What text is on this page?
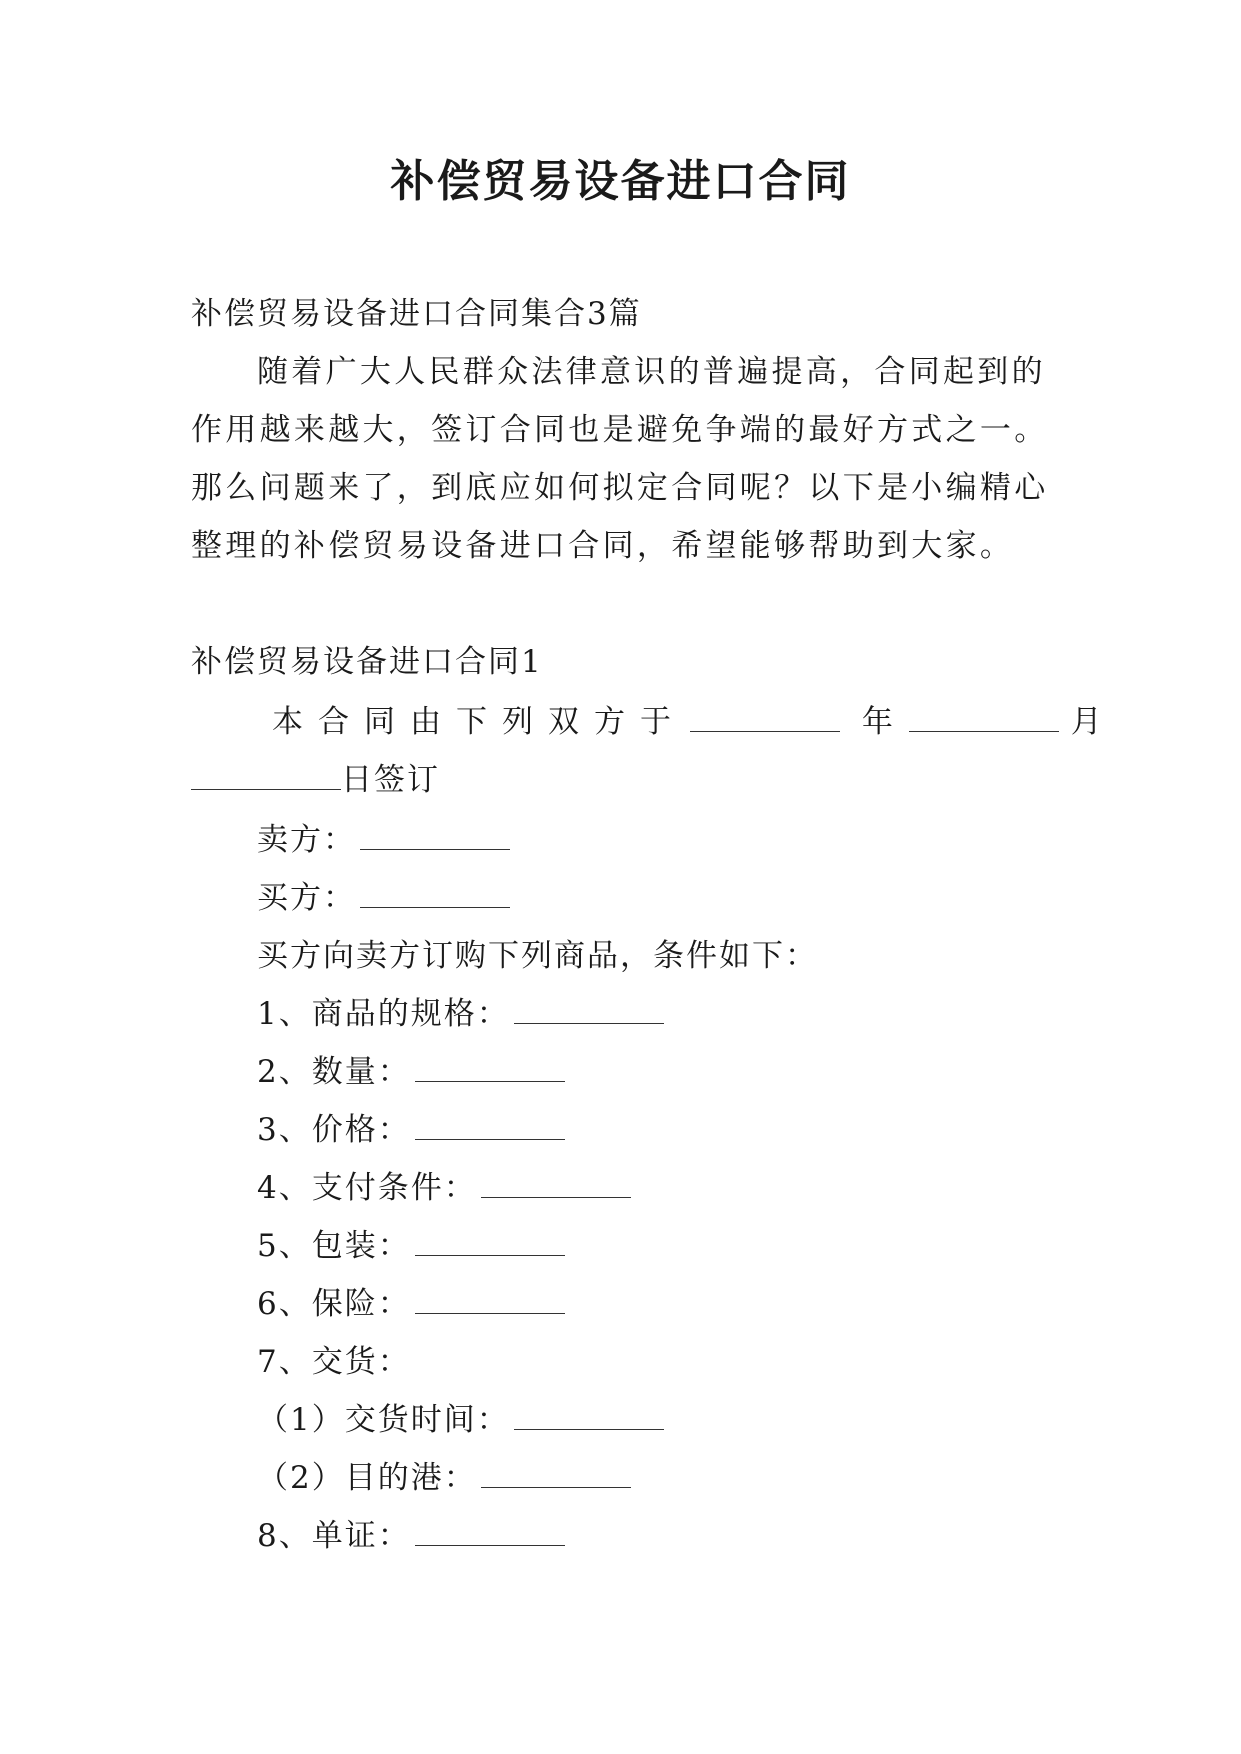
补偿贸易设备进口合同
补偿贸易设备进口合同集合3篇
随着广大人民群众法律意识的普遍提高，合同起到的作用越来越大，签订合同也是避免争端的最好方式之一。那么问题来了，到底应如何拟定合同呢？以下是小编精心整理的补偿贸易设备进口合同，希望能够帮助到大家。
补偿贸易设备进口合同1
本合同由下列双方于	年	月
日签订
卖方：
买方：
买方向卖方订购下列商品，条件如下：
1、商品的规格：
2、数量：
3、价格：
4、支付条件：
5、包装：
6、保险：
7、交货：
（1）交货时间：
（2）目的港：
8、单证：
